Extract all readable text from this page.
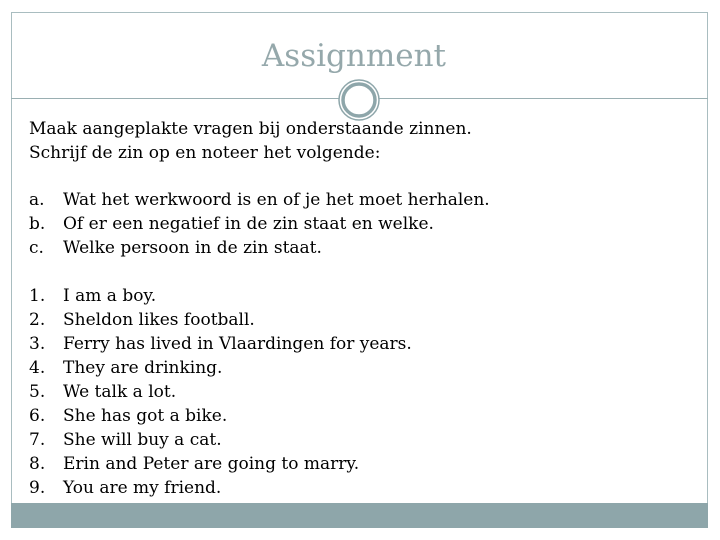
Assignment
Maak aangeplakte vragen bij onderstaande zinnen.
Schrijf de zin op en noteer het volgende:
a.	Wat het werkwoord is en of je het moet herhalen.
b.	Of er een negatief in de zin staat en welke.
c.	Welke persoon in de zin staat.
1.	I am a boy.
2.	Sheldon likes football.
3.	Ferry has lived in Vlaardingen for years.
4.	They are drinking.
5.	We talk a lot.
6.	She has got a bike.
7.	She will buy a cat.
8.	Erin and Peter are going to marry.
9.	You are my friend.
